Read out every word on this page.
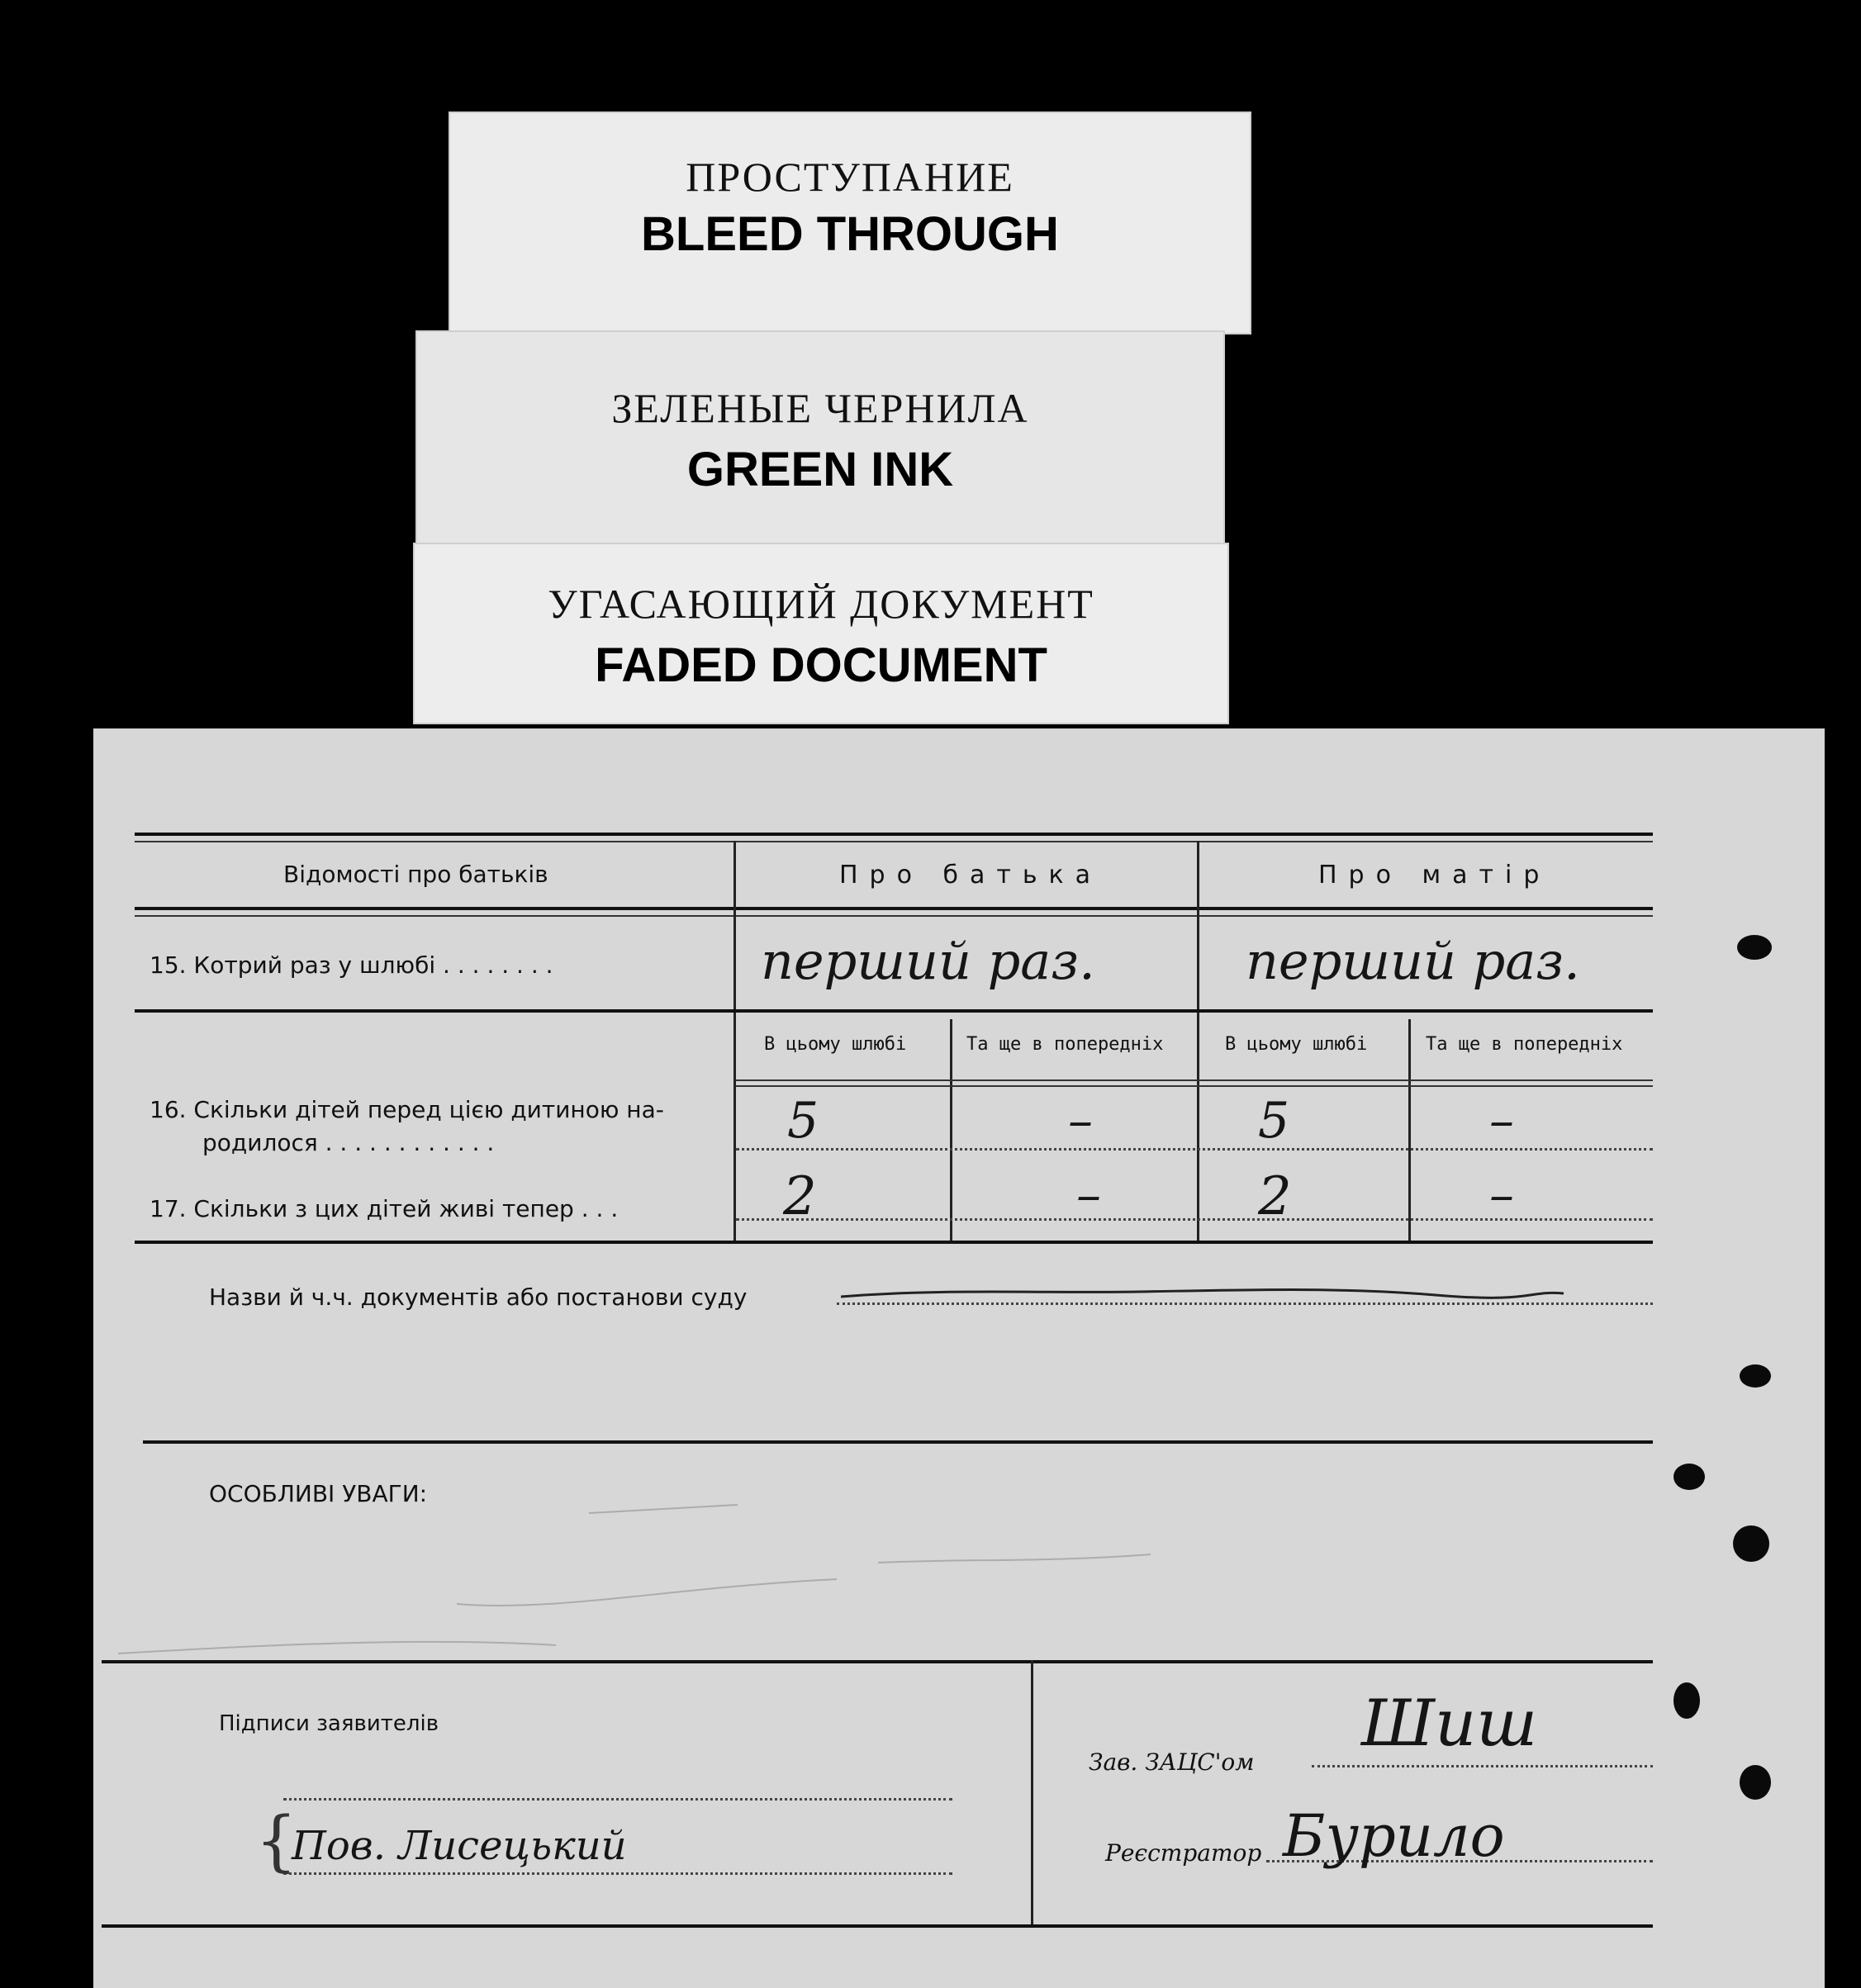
ПРОСТУПАНИЕ
BLEED THROUGH
ЗЕЛЕНЫЕ ЧЕРНИЛА
GREEN INK
УГАСАЮЩИЙ ДОКУМЕНТ
FADED DOCUMENT
Відомості про батьків	Про батька	Про матір
15. Котрий раз у шлюбі . . . . . . . .	перший раз.	перший раз.
В цьому шлюбі	Та ще в попередніх	В цьому шлюбі	Та ще в попередніх
16. Скільки дітей перед цією дитиною на-
родилося . . . . . . . . . . . .	5	–	5	–
17. Скільки з цих дітей живі тепер . . .	2	–	2	–
Назви й ч.ч. документів або постанови суду
ОСОБЛИВІ УВАГИ:
Підписи заявителів
{
Пов. Лисецький
Зав. ЗАЦС'ом
Шиш
Реєстратор Бурило
